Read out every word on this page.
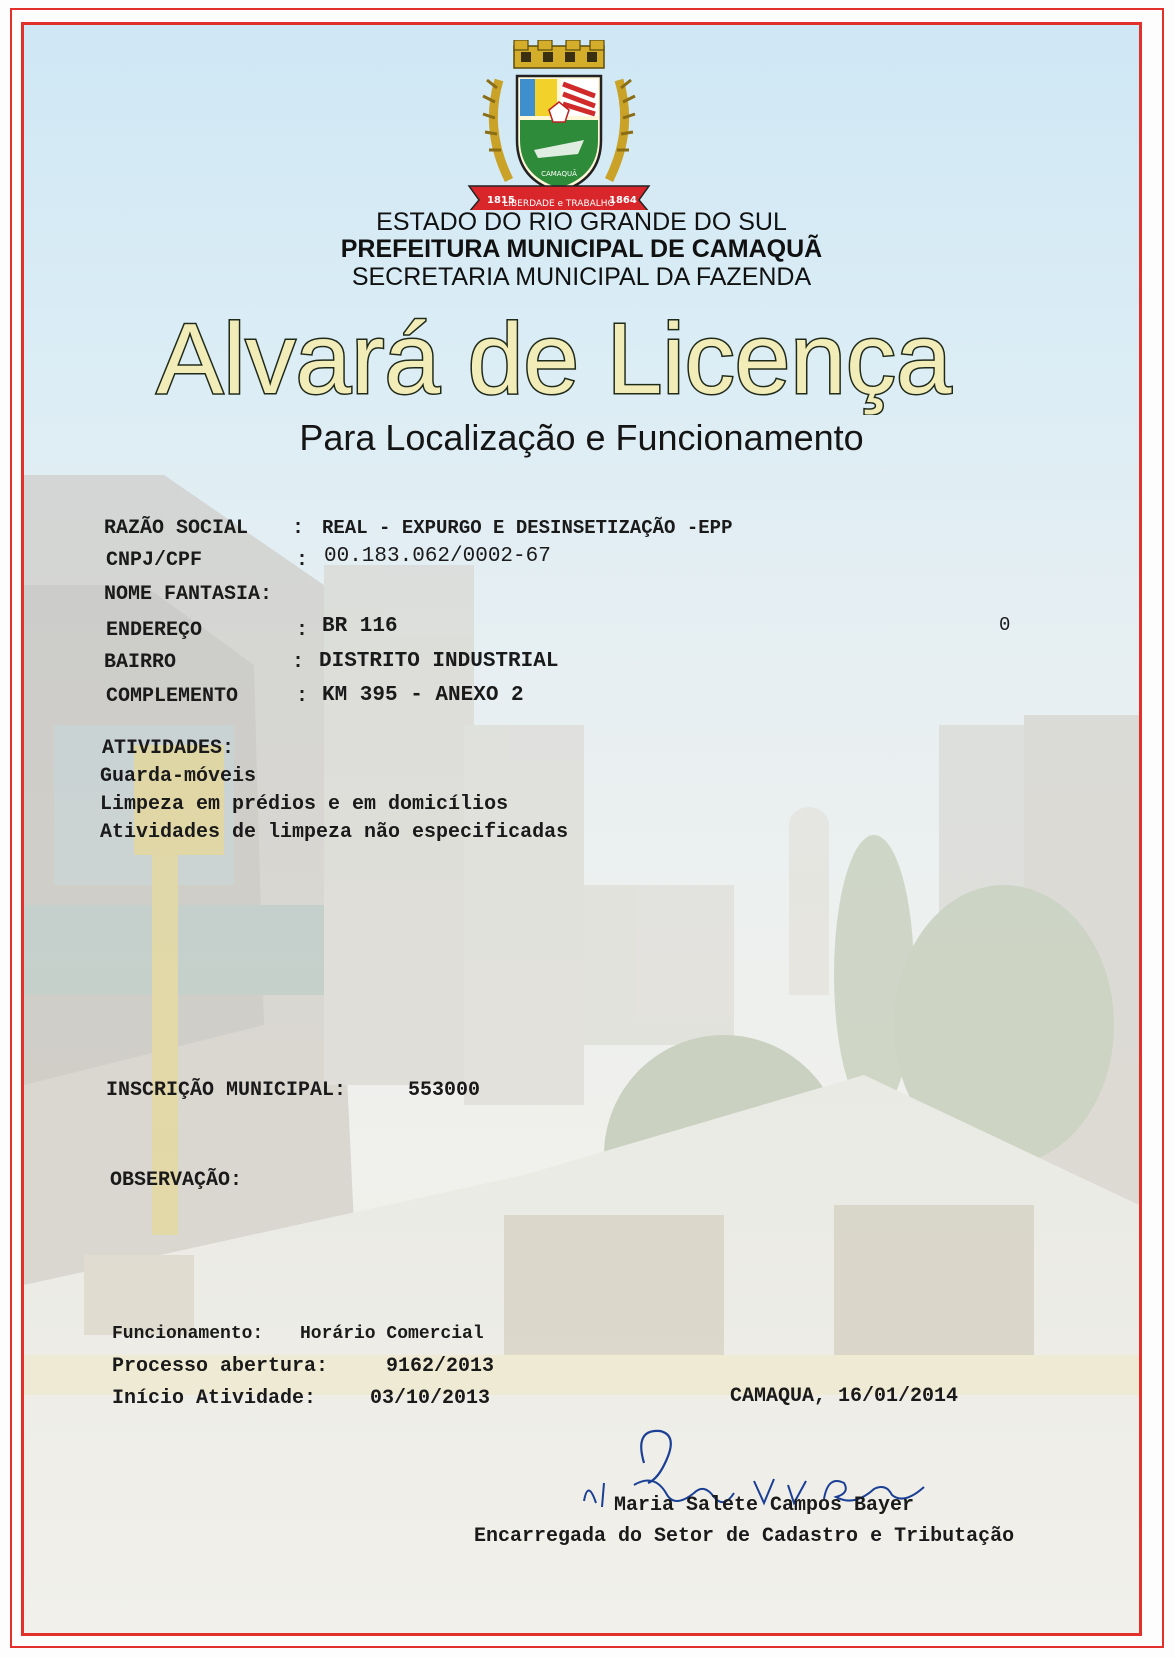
1815
LIBERDADE e TRABALHO
1864
CAMAQUÃ
ESTADO DO RIO GRANDE DO SUL
PREFEITURA MUNICIPAL DE CAMAQUÃ
SECRETARIA MUNICIPAL DA FAZENDA
Alvará de Licença
Para Localização e Funcionamento
RAZÃO SOCIAL : REAL - EXPURGO E DESINSETIZAÇÃO -EPP
CNPJ/CPF	: 00.183.062/0002-67
NOME FANTASIA:
ENDEREÇO	: BR 116	0
BAIRRO	: DISTRITO INDUSTRIAL
COMPLEMENTO	: KM 395 - ANEXO 2
ATIVIDADES:
Guarda-móveis
Limpeza em prédios e em domicílios
Atividades de limpeza não especificadas
INSCRIÇÃO MUNICIPAL:	553000
OBSERVAÇÃO:
Funcionamento: Horário Comercial
Processo abertura:	9162/2013
Início Atividade:	03/10/2013	CAMAQUA, 16/01/2014
Maria Salete Campos Bayer
Encarregada do Setor de Cadastro e Tributação
